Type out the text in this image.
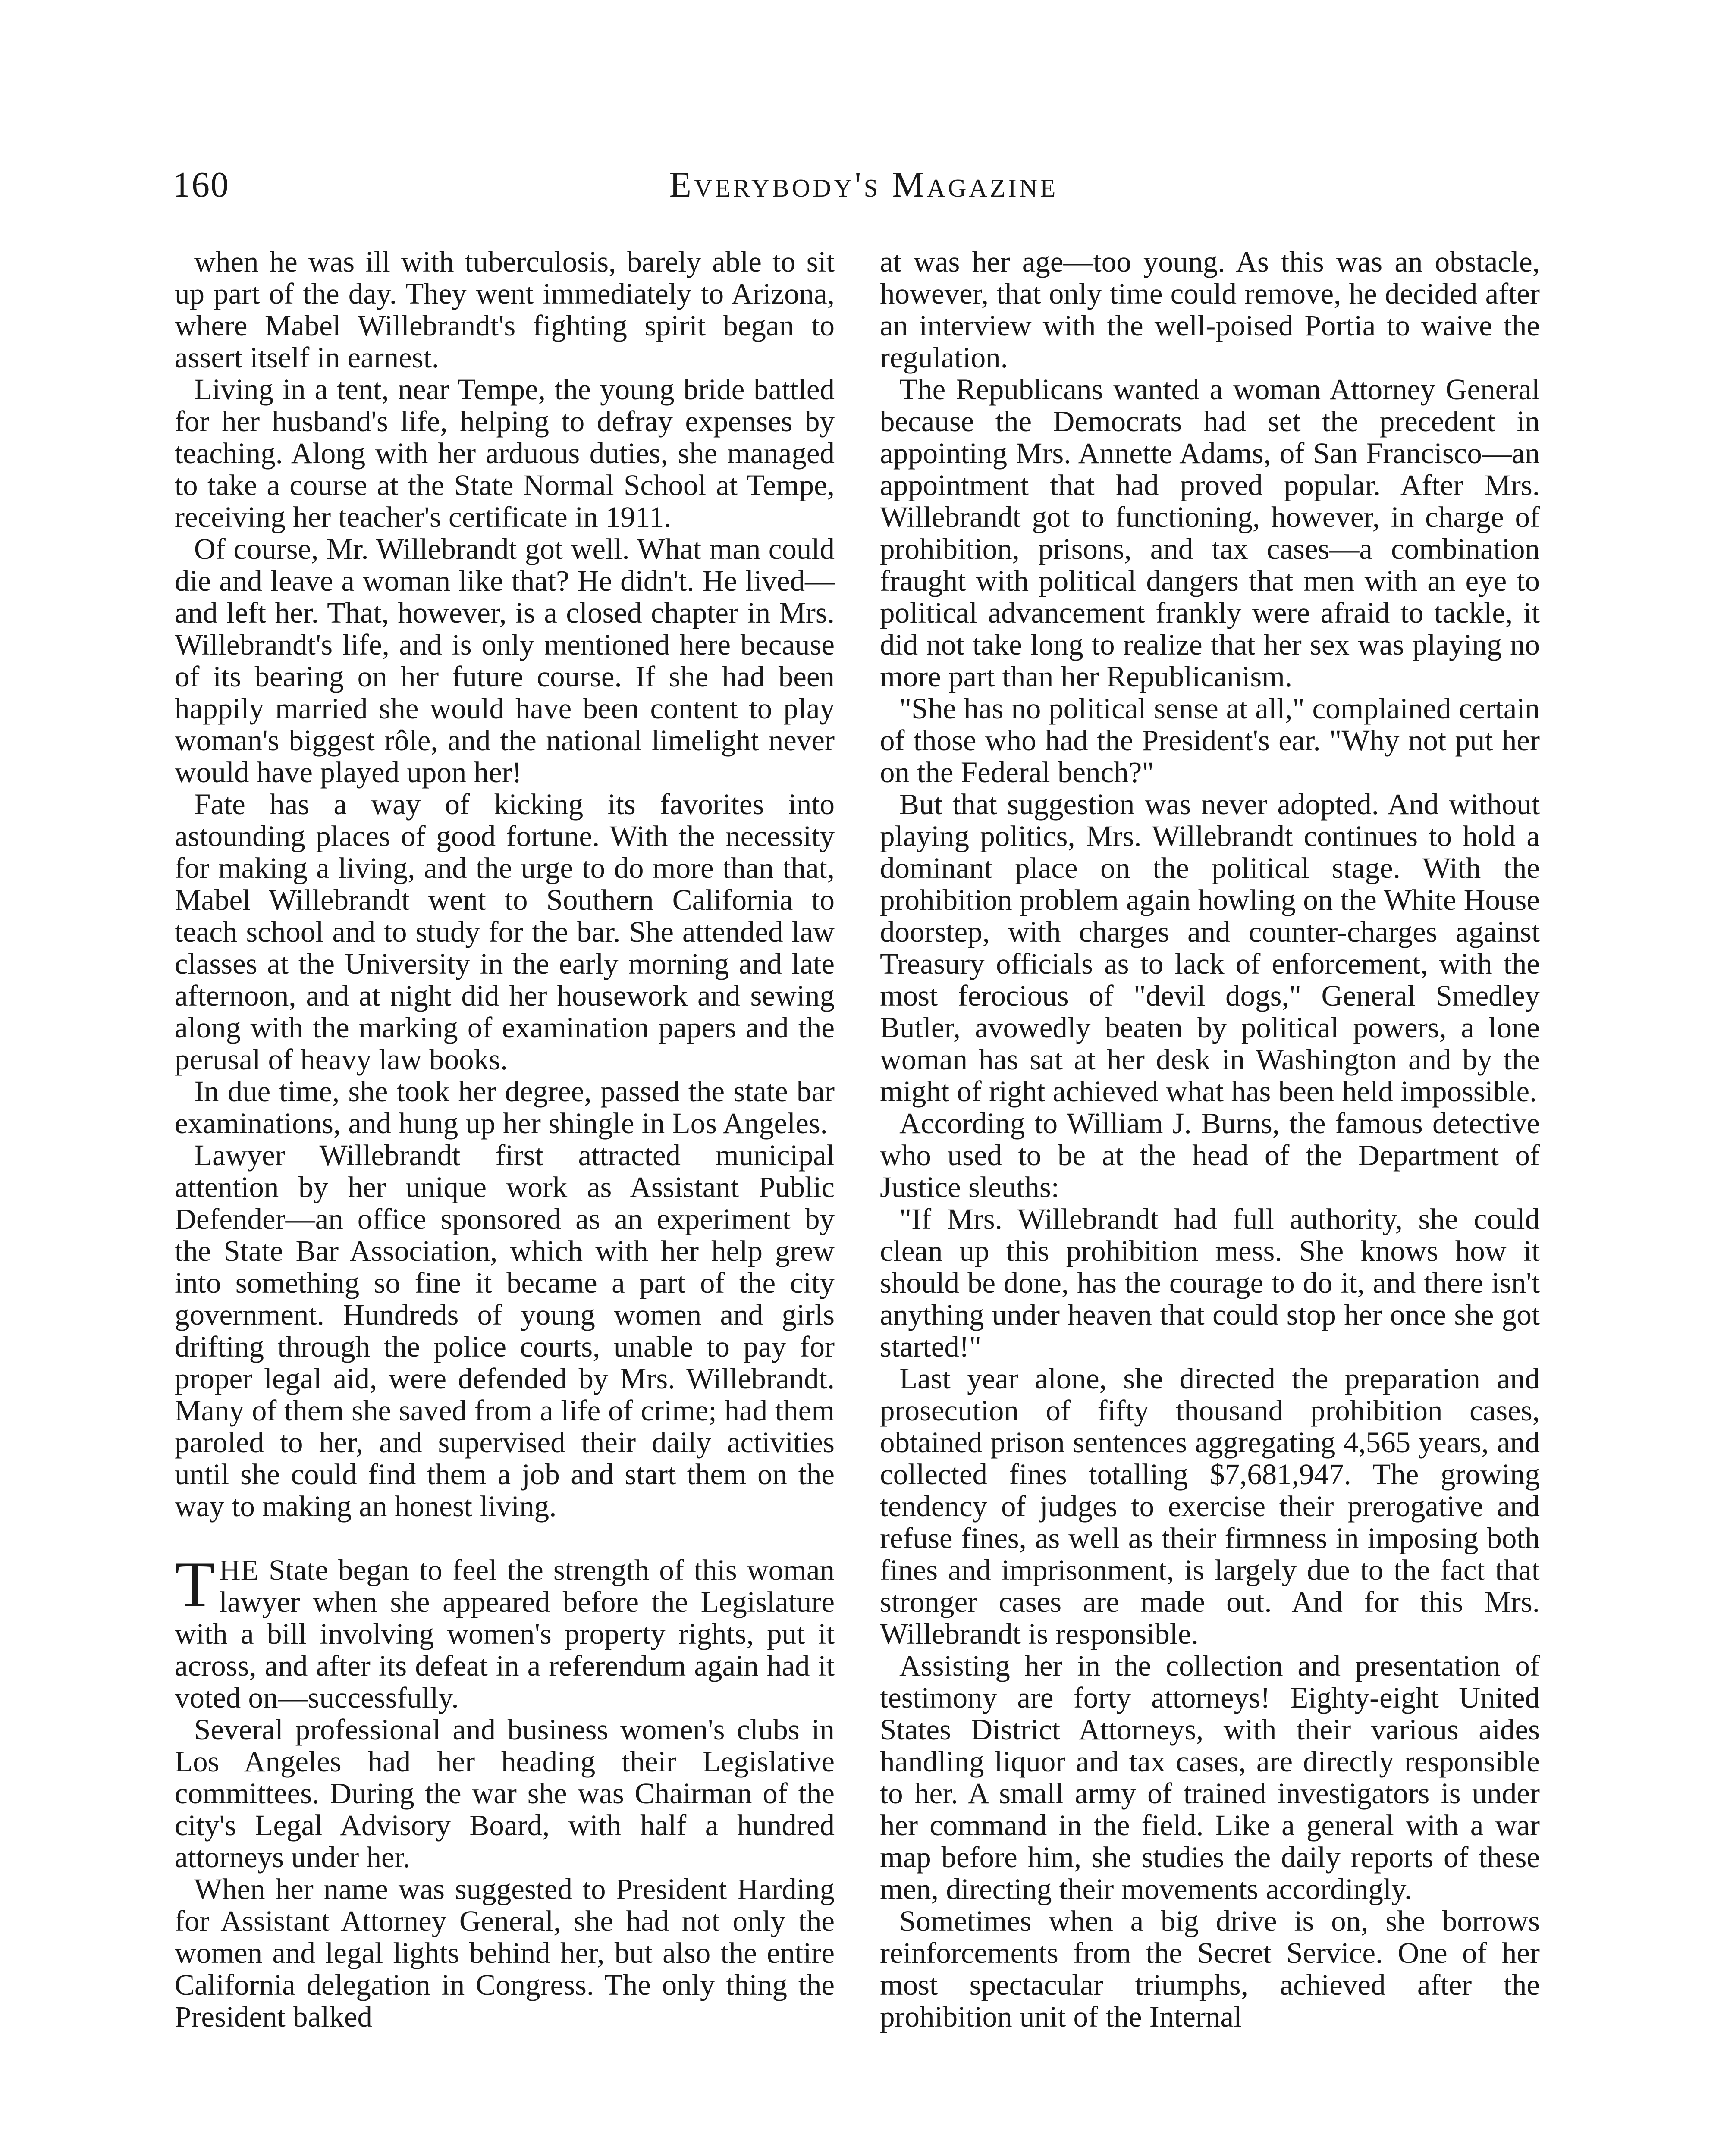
160	Everybody's Magazine

when he was ill with tuberculosis, barely able to sit up part of the day. They went immediately to Arizona, where Mabel Willebrandt's fighting spirit began to assert itself in earnest.

Living in a tent, near Tempe, the young bride battled for her husband's life, helping to defray expenses by teaching. Along with her arduous duties, she managed to take a course at the State Normal School at Tempe, receiving her teacher's certificate in 1911.

Of course, Mr. Willebrandt got well. What man could die and leave a woman like that? He didn't. He lived—and left her. That, however, is a closed chapter in Mrs. Willebrandt's life, and is only mentioned here because of its bearing on her future course. If she had been happily married she would have been content to play woman's biggest rôle, and the national limelight never would have played upon her!

Fate has a way of kicking its favorites into astounding places of good fortune. With the necessity for making a living, and the urge to do more than that, Mabel Willebrandt went to Southern California to teach school and to study for the bar. She attended law classes at the University in the early morning and late afternoon, and at night did her housework and sewing along with the marking of examination papers and the perusal of heavy law books.

In due time, she took her degree, passed the state bar examinations, and hung up her shingle in Los Angeles.

Lawyer Willebrandt first attracted municipal attention by her unique work as Assistant Public Defender—an office sponsored as an experiment by the State Bar Association, which with her help grew into something so fine it became a part of the city government. Hundreds of young women and girls drifting through the police courts, unable to pay for proper legal aid, were defended by Mrs. Willebrandt. Many of them she saved from a life of crime; had them paroled to her, and supervised their daily activities until she could find them a job and start them on the way to making an honest living.

THE State began to feel the strength of this woman lawyer when she appeared before the Legislature with a bill involving women's property rights, put it across, and after its defeat in a referendum again had it voted on—successfully.

Several professional and business women's clubs in Los Angeles had her heading their Legislative committees. During the war she was Chairman of the city's Legal Advisory Board, with half a hundred attorneys under her.

When her name was suggested to President Harding for Assistant Attorney General, she had not only the women and legal lights behind her, but also the entire California delegation in Congress. The only thing the President balked

at was her age—too young. As this was an obstacle, however, that only time could remove, he decided after an interview with the well-poised Portia to waive the regulation.

The Republicans wanted a woman Attorney General because the Democrats had set the precedent in appointing Mrs. Annette Adams, of San Francisco—an appointment that had proved popular. After Mrs. Willebrandt got to functioning, however, in charge of prohibition, prisons, and tax cases—a combination fraught with political dangers that men with an eye to political advancement frankly were afraid to tackle, it did not take long to realize that her sex was playing no more part than her Republicanism.

"She has no political sense at all," complained certain of those who had the President's ear. "Why not put her on the Federal bench?"

But that suggestion was never adopted. And without playing politics, Mrs. Willebrandt continues to hold a dominant place on the political stage. With the prohibition problem again howling on the White House doorstep, with charges and counter-charges against Treasury officials as to lack of enforcement, with the most ferocious of "devil dogs," General Smedley Butler, avowedly beaten by political powers, a lone woman has sat at her desk in Washington and by the might of right achieved what has been held impossible.

According to William J. Burns, the famous detective who used to be at the head of the Department of Justice sleuths:

"If Mrs. Willebrandt had full authority, she could clean up this prohibition mess. She knows how it should be done, has the courage to do it, and there isn't anything under heaven that could stop her once she got started!"

Last year alone, she directed the preparation and prosecution of fifty thousand prohibition cases, obtained prison sentences aggregating 4,565 years, and collected fines totalling $7,681,947. The growing tendency of judges to exercise their prerogative and refuse fines, as well as their firmness in imposing both fines and imprisonment, is largely due to the fact that stronger cases are made out. And for this Mrs. Willebrandt is responsible.

Assisting her in the collection and presentation of testimony are forty attorneys! Eighty-eight United States District Attorneys, with their various aides handling liquor and tax cases, are directly responsible to her. A small army of trained investigators is under her command in the field. Like a general with a war map before him, she studies the daily reports of these men, directing their movements accordingly.

Sometimes when a big drive is on, she borrows reinforcements from the Secret Service. One of her most spectacular triumphs, achieved after the prohibition unit of the Internal
